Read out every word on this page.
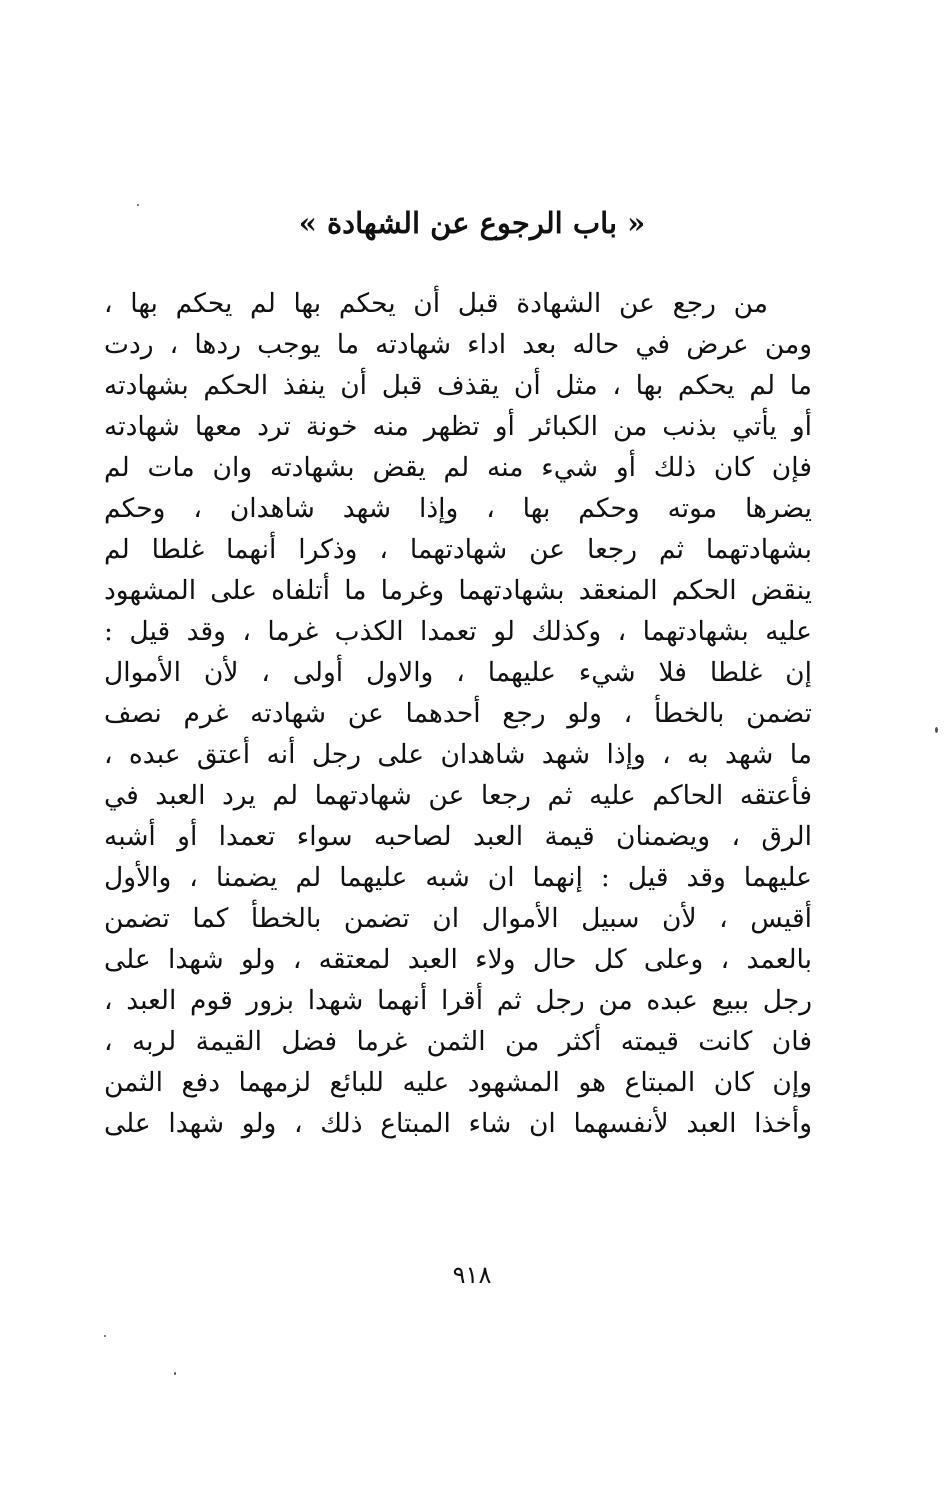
« باب الرجوع عن الشهادة »
من رجع عن الشهادة قبل أن يحكم بها لم يحكم بها ،
ومن عرض في حاله بعد اداء شهادته ما يوجب ردها ، ردت
ما لم يحكم بها ، مثل أن يقذف قبل أن ينفذ الحكم بشهادته
أو يأتي بذنب من الكبائر أو تظهر منه خونة ترد معها شهادته
فإن كان ذلك أو شيء منه لم يقض بشهادته وان مات لم
يضرها موته وحكم بها ، وإذا شهد شاهدان ، وحكم
بشهادتهما ثم رجعا عن شهادتهما ، وذكرا أنهما غلطا لم
ينقض الحكم المنعقد بشهادتهما وغرما ما أتلفاه على المشهود
عليه بشهادتهما ، وكذلك لو تعمدا الكذب غرما ، وقد قيل :
إن غلطا فلا شيء عليهما ، والاول أولى ، لأن الأموال
تضمن بالخطأ ، ولو رجع أحدهما عن شهادته غرم نصف
ما شهد به ، وإذا شهد شاهدان على رجل أنه أعتق عبده ،
فأعتقه الحاكم عليه ثم رجعا عن شهادتهما لم يرد العبد في
الرق ، ويضمنان قيمة العبد لصاحبه سواء تعمدا أو أشبه
عليهما وقد قيل : إنهما ان شبه عليهما لم يضمنا ، والأول
أقيس ، لأن سبيل الأموال ان تضمن بالخطأ كما تضمن
بالعمد ، وعلى كل حال ولاء العبد لمعتقه ، ولو شهدا على
رجل ببيع عبده من رجل ثم أقرا أنهما شهدا بزور قوم العبد ،
فان كانت قيمته أكثر من الثمن غرما فضل القيمة لربه ،
وإن كان المبتاع هو المشهود عليه للبائع لزمهما دفع الثمن
وأخذا العبد لأنفسهما ان شاء المبتاع ذلك ، ولو شهدا على
٩١٨
